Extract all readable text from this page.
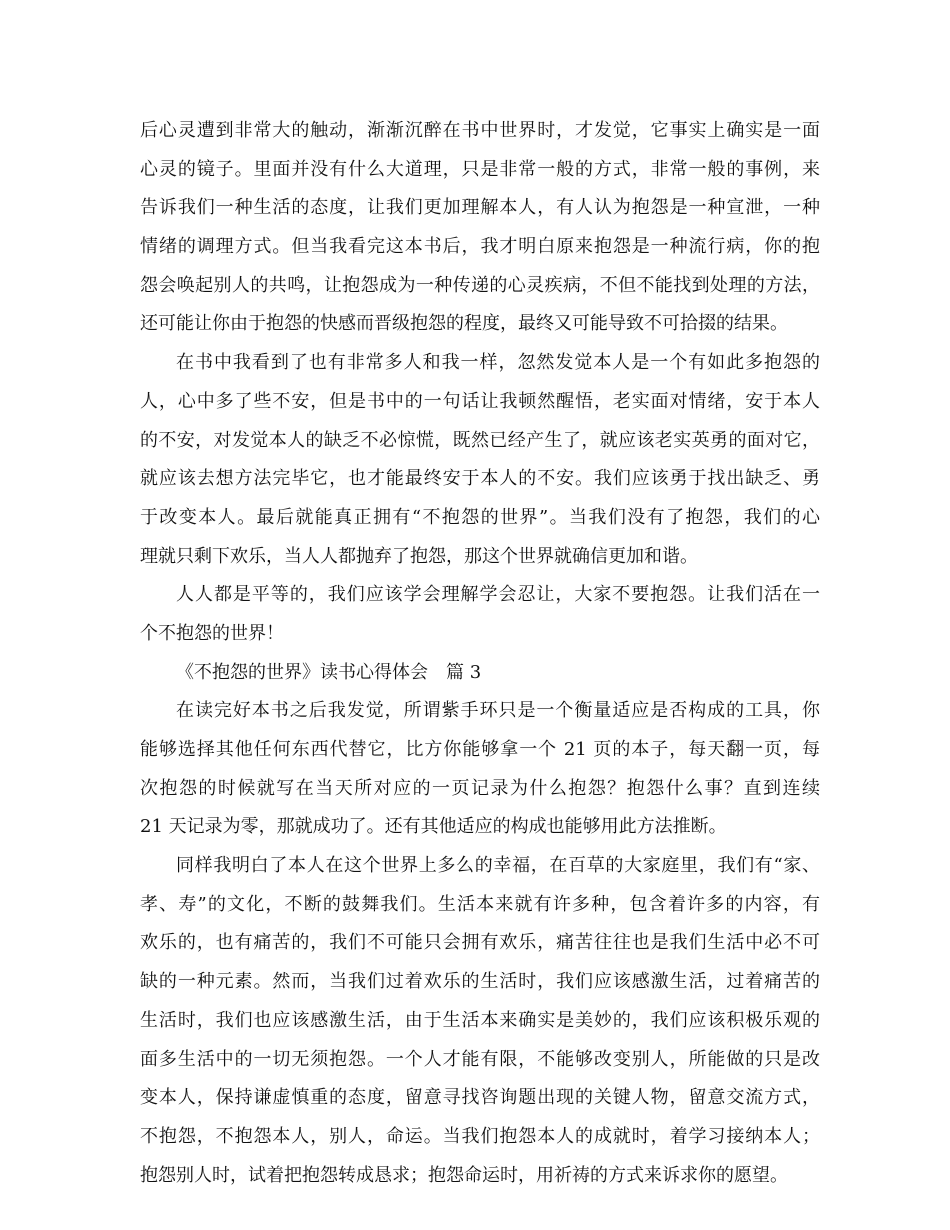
后心灵遭到非常大的触动，渐渐沉醉在书中世界时，才发觉，它事实上确实是一面
心灵的镜子。里面并没有什么大道理，只是非常一般的方式，非常一般的事例，来
告诉我们一种生活的态度，让我们更加理解本人，有人认为抱怨是一种宣泄，一种
情绪的调理方式。但当我看完这本书后，我才明白原来抱怨是一种流行病，你的抱
怨会唤起别人的共鸣，让抱怨成为一种传递的心灵疾病，不但不能找到处理的方法，
还可能让你由于抱怨的快感而晋级抱怨的程度，最终又可能导致不可拾掇的结果。
在书中我看到了也有非常多人和我一样，忽然发觉本人是一个有如此多抱怨的
人，心中多了些不安，但是书中的一句话让我顿然醒悟，老实面对情绪，安于本人
的不安，对发觉本人的缺乏不必惊慌，既然已经产生了，就应该老实英勇的面对它，
就应该去想方法完毕它，也才能最终安于本人的不安。我们应该勇于找出缺乏、勇
于改变本人。最后就能真正拥有“不抱怨的世界”。当我们没有了抱怨，我们的心
理就只剩下欢乐，当人人都抛弃了抱怨，那这个世界就确信更加和谐。
人人都是平等的，我们应该学会理解学会忍让，大家不要抱怨。让我们活在一
个不抱怨的世界！
《不抱怨的世界》读书心得体会　篇 3
在读完好本书之后我发觉，所谓紫手环只是一个衡量适应是否构成的工具，你
能够选择其他任何东西代替它，比方你能够拿一个 21 页的本子，每天翻一页，每
次抱怨的时候就写在当天所对应的一页记录为什么抱怨？抱怨什么事？直到连续
21 天记录为零，那就成功了。还有其他适应的构成也能够用此方法推断。
同样我明白了本人在这个世界上多么的幸福，在百草的大家庭里，我们有“家、
孝、寿”的文化，不断的鼓舞我们。生活本来就有许多种，包含着许多的内容，有
欢乐的，也有痛苦的，我们不可能只会拥有欢乐，痛苦往往也是我们生活中必不可
缺的一种元素。然而，当我们过着欢乐的生活时，我们应该感激生活，过着痛苦的
生活时，我们也应该感激生活，由于生活本来确实是美妙的，我们应该积极乐观的
面多生活中的一切无须抱怨。一个人才能有限，不能够改变别人，所能做的只是改
变本人，保持谦虚慎重的态度，留意寻找咨询题出现的关键人物，留意交流方式，
不抱怨，不抱怨本人，别人，命运。当我们抱怨本人的成就时，着学习接纳本人；
抱怨别人时，试着把抱怨转成恳求；抱怨命运时，用祈祷的方式来诉求你的愿望。
